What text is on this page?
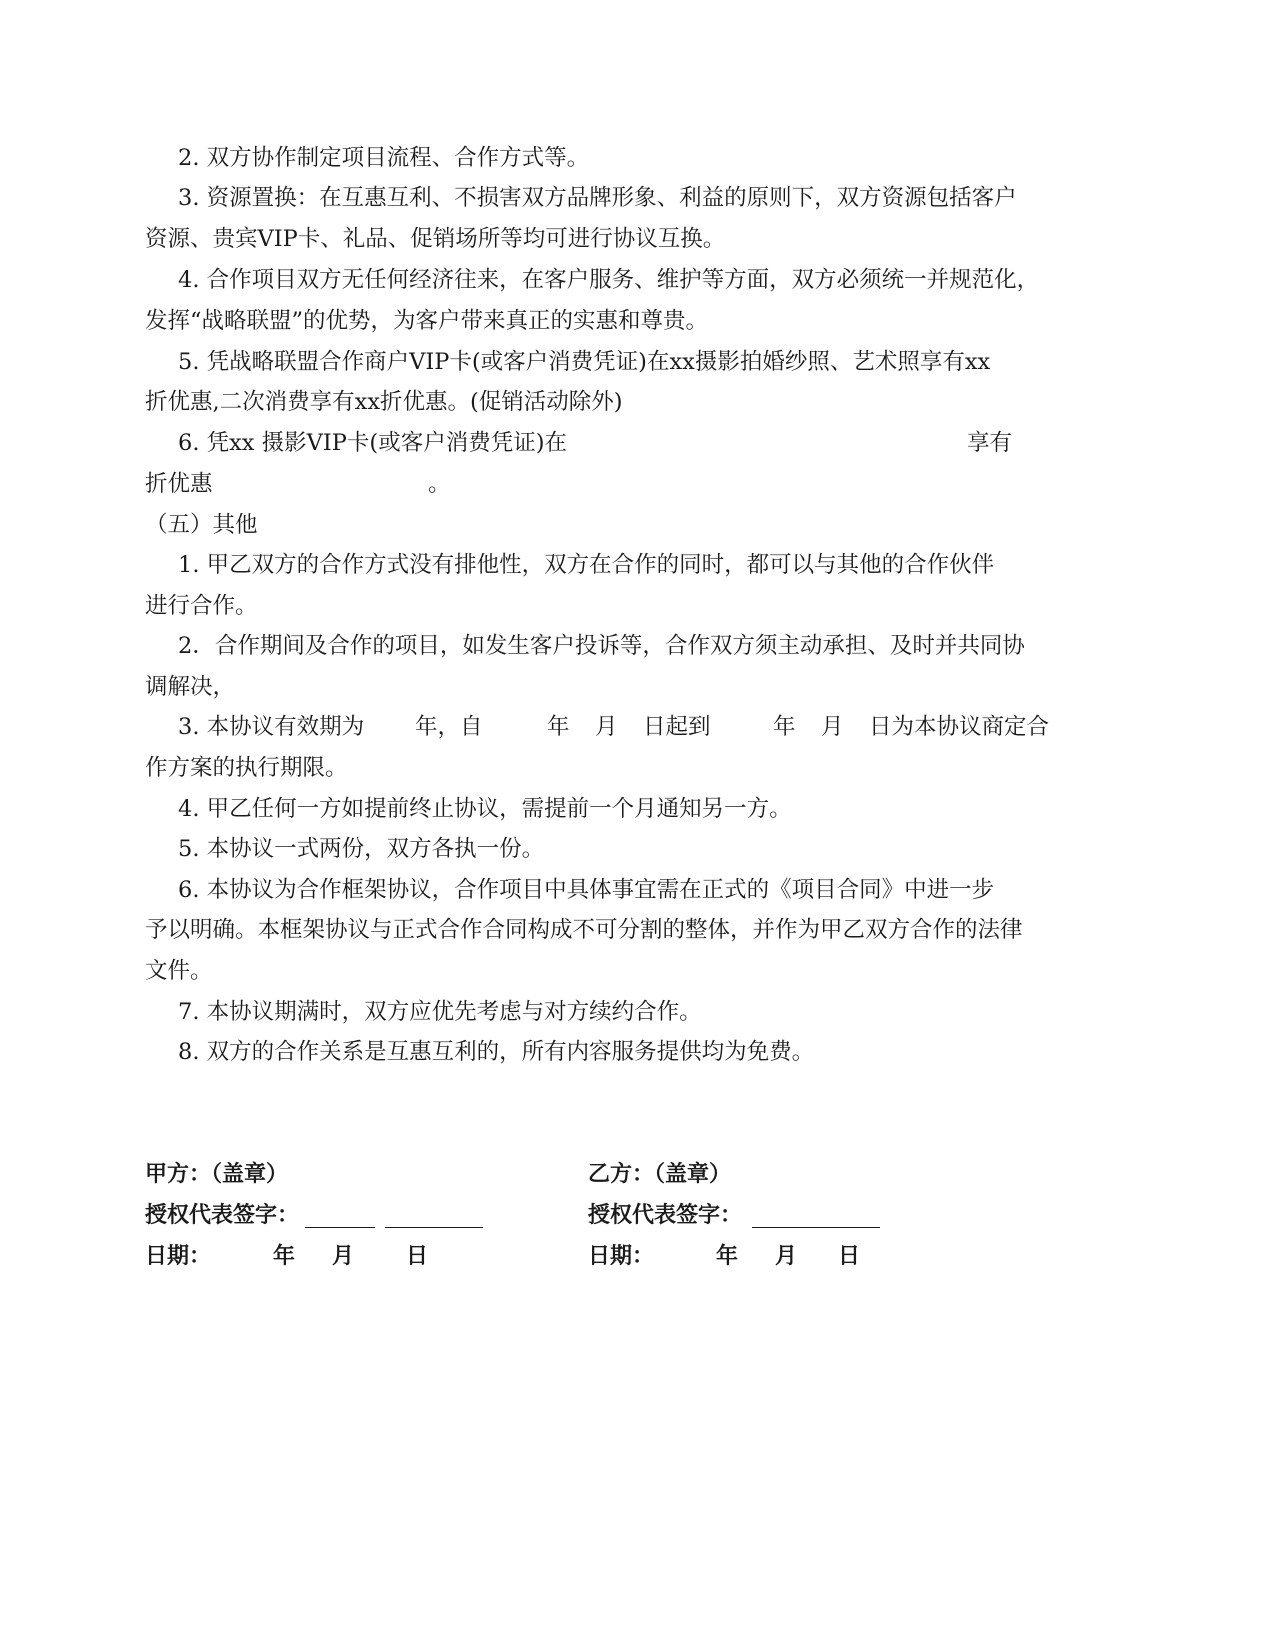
2. 双方协作制定项目流程、合作方式等。
3. 资源置换：在互惠互利、不损害双方品牌形象、利益的原则下，双方资源包括客户
资源、贵宾VIP卡、礼品、促销场所等均可进行协议互换。
4. 合作项目双方无任何经济往来，在客户服务、维护等方面，双方必须统一并规范化，
发挥“战略联盟”的优势，为客户带来真正的实惠和尊贵。
5. 凭战略联盟合作商户VIP卡(或客户消费凭证)在xx摄影拍婚纱照、艺术照享有xx
折优惠,二次消费享有xx折优惠。(促销活动除外)
6. 凭xx 摄影VIP卡(或客户消费凭证)在	享有
折优惠	。
（五）其他
1. 甲乙双方的合作方式没有排他性，双方在合作的同时，都可以与其他的合作伙伴
进行合作。
2．合作期间及合作的项目，如发生客户投诉等，合作双方须主动承担、及时并共同协
调解决，
3. 本协议有效期为 年，自	年 月 日起到	年 月 日为本协议商定合
作方案的执行期限。
4. 甲乙任何一方如提前终止协议，需提前一个月通知另一方。
5. 本协议一式两份，双方各执一份。
6. 本协议为合作框架协议，合作项目中具体事宜需在正式的《项目合同》中进一步
予以明确。本框架协议与正式合作合同构成不可分割的整体，并作为甲乙双方合作的法律
文件。
7. 本协议期满时，双方应优先考虑与对方续约合作。
8. 双方的合作关系是互惠互利的，所有内容服务提供均为免费。
甲方：（盖章）
授权代表签字：
日期：	年 月 日
乙方：（盖章）
授权代表签字：
日期：	年 月 日
